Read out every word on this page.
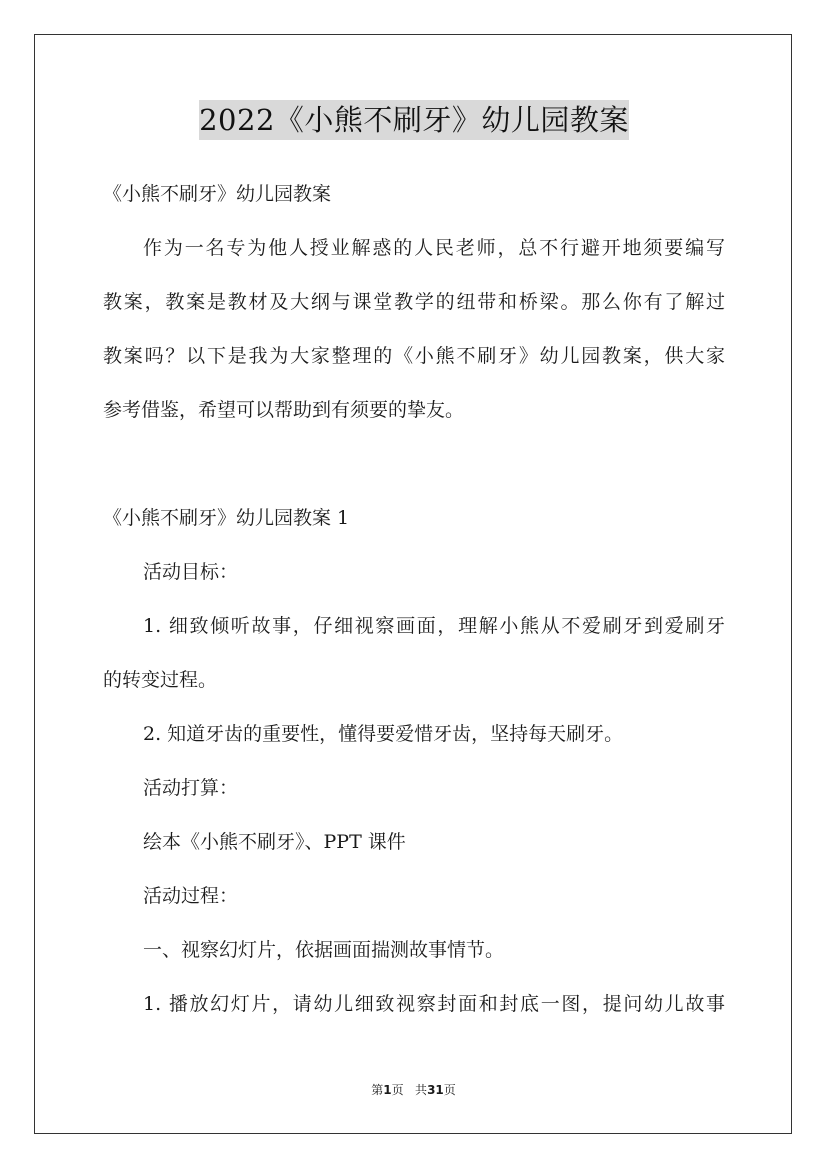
2022《小熊不刷牙》幼儿园教案
《小熊不刷牙》幼儿园教案
作为一名专为他人授业解惑的人民老师，总不行避开地须要编写
教案，教案是教材及大纲与课堂教学的纽带和桥梁。那么你有了解过
教案吗？以下是我为大家整理的《小熊不刷牙》幼儿园教案，供大家
参考借鉴，希望可以帮助到有须要的挚友。
《小熊不刷牙》幼儿园教案 1
活动目标：
1. 细致倾听故事，仔细视察画面，理解小熊从不爱刷牙到爱刷牙
的转变过程。
2. 知道牙齿的重要性，懂得要爱惜牙齿，坚持每天刷牙。
活动打算：
绘本《小熊不刷牙》、PPT 课件
活动过程：
一、视察幻灯片，依据画面揣测故事情节。
1. 播放幻灯片，请幼儿细致视察封面和封底一图，提问幼儿故事
第1页 共31页
